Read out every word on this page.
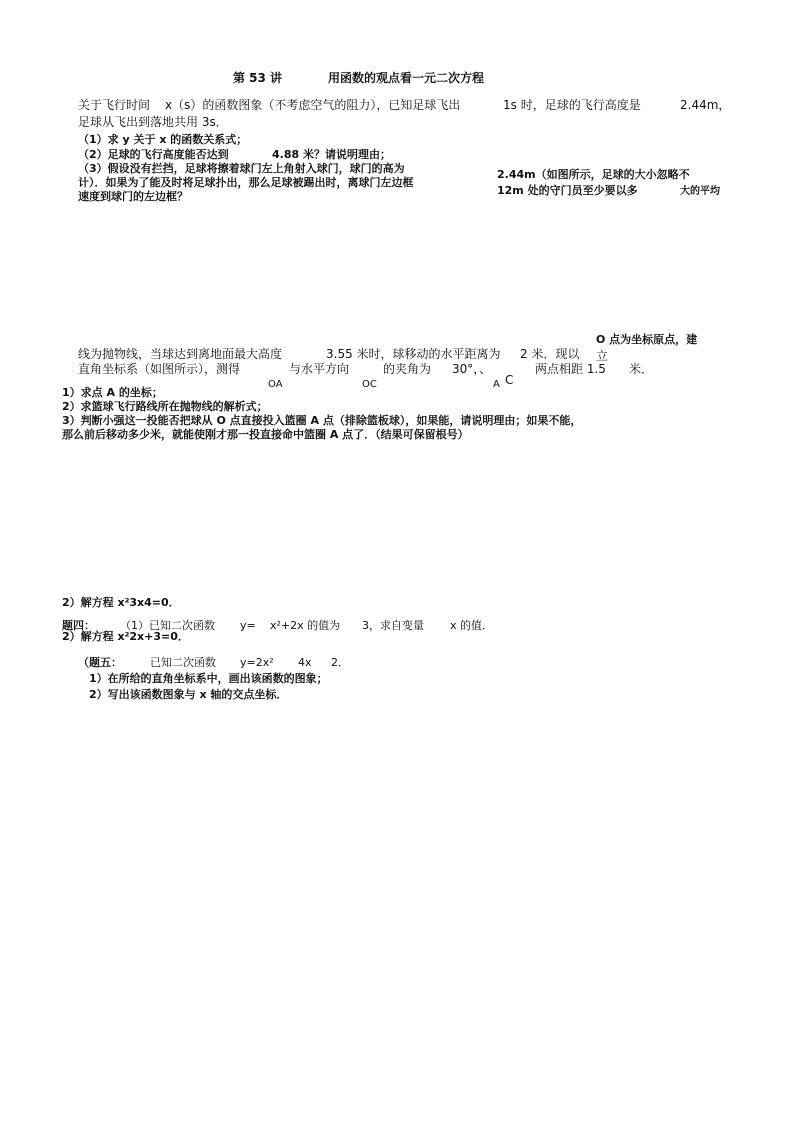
第 53 讲	用函数的观点看一元二次方程
关于飞行时间 x（s）的函数图象（不考虑空气的阻力），已知足球飞出	1s 时，足球的飞行高度是	2.44m，
足球从飞出到落地共用 3s．
（1）求 y 关于 x 的函数关系式；
（2）足球的飞行高度能否达到	4.88 米？请说明理由；
（3）假设没有拦挡，足球将擦着球门左上角射入球门，球门的高为
计）．如果为了能及时将足球扑出，那么足球被踢出时，离球门左边框
速度到球门的左边框？
2.44m（如图所示，足球的大小忽略不
12m 处的守门员至少要以多	大的平均
O 点为坐标原点，建
线为抛物线，当球达到离地面最大高度	3.55 米时，球移动的水平距离为 2 米．现以 立
直角坐标系（如图所示），测得	与水平方向	的夹角为 30°，、	两点相距 1.5 米．
OA	OC	A C
1）求点 A 的坐标；
2）求篮球飞行路线所在抛物线的解析式；
3）判断小强这一投能否把球从 O 点直接投入篮圈 A 点（排除篮板球），如果能，请说明理由；如果不能，
那么前后移动多少米，就能使刚才那一投直接命中篮圈 A 点了．（结果可保留根号）
2）解方程 x²3x4=0．
题四： （1）已知二次函数 y= x²+2x 的值为 3，求自变量 x 的值．
2）解方程 x²2x+3=0．
（题五：	已知二次函数 y=2x² 4x 2．
1）在所给的直角坐标系中，画出该函数的图象；
2）写出该函数图象与 x 轴的交点坐标．
